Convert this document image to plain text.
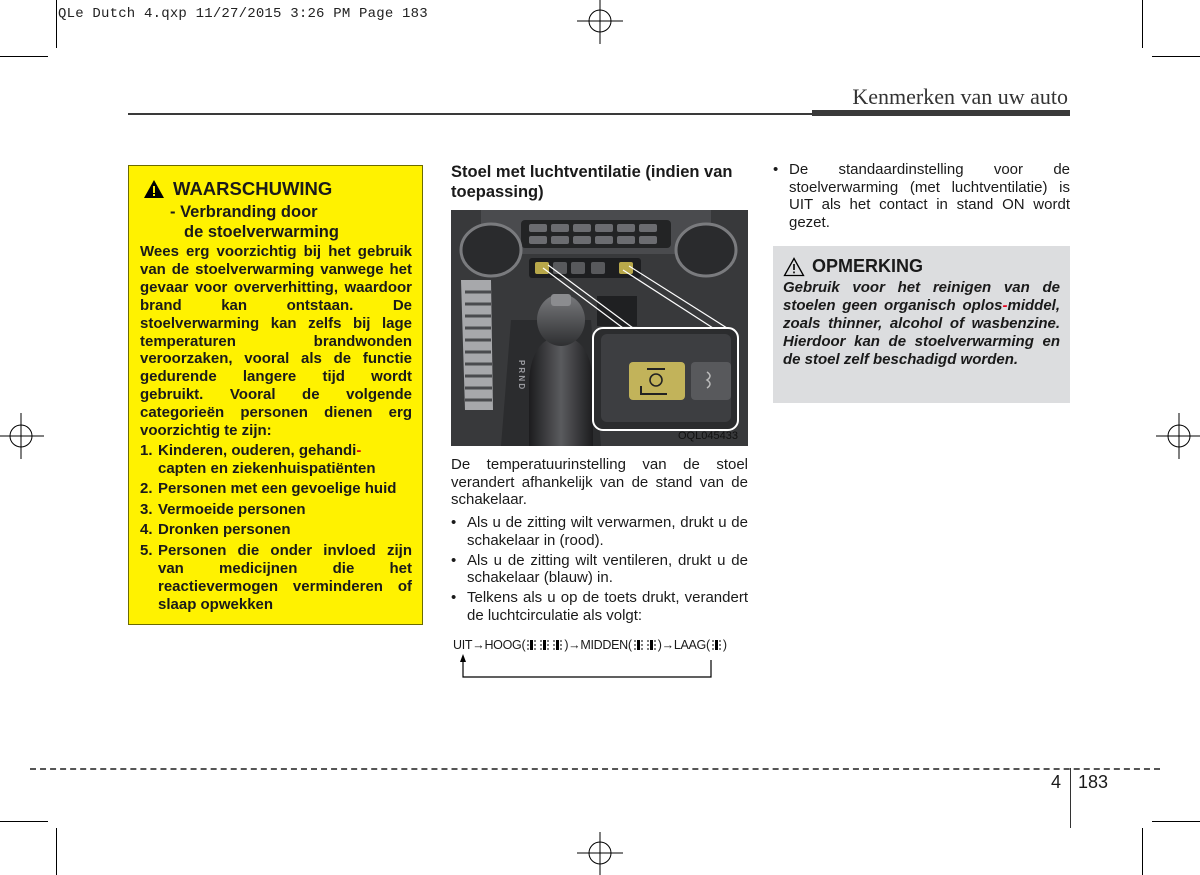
QLe Dutch 4.qxp 11/27/2015 3:26 PM Page 183
Kenmerken van uw auto
WAARSCHUWING
- Verbranding door
de stoelverwarming
Wees erg voorzichtig bij het gebruik van de stoelverwarming vanwege het gevaar voor oververhitting, waardoor brand kan ontstaan. De stoelverwarming kan zelfs bij lage temperaturen brandwonden veroorzaken, vooral als de functie gedurende langere tijd wordt gebruikt. Vooral de volgende categorieën personen dienen erg voorzichtig te zijn:
1. Kinderen, ouderen, gehandi-
capten en ziekenhuispatiënten
2. Personen met een gevoelige huid
3. Vermoeide personen
4. Dronken personen
5. Personen die onder invloed zijn van medicijnen die het reactievermogen verminderen of slaap opwekken
Stoel met luchtventilatie (indien van toepassing)
P R N D
OQL045433
De temperatuurinstelling van de stoel verandert afhankelijk van de stand van de schakelaar.
• Als u de zitting wilt verwarmen, drukt u de schakelaar in (rood).
• Als u de zitting wilt ventileren, drukt u de schakelaar (blauw) in.
• Telkens als u op de toets drukt, verandert de luchtcirculatie als volgt:
UIT → HOOG(	)→MIDDEN( )→LAAG( )
• De standaardinstelling voor de stoelverwarming (met luchtventilatie) is UIT als het contact in stand ON wordt gezet.
OPMERKING
Gebruik voor het reinigen van de stoelen geen organisch oplos-middel, zoals thinner, alcohol of wasbenzine. Hierdoor kan de stoelverwarming en de stoel zelf beschadigd worden.
4 183
